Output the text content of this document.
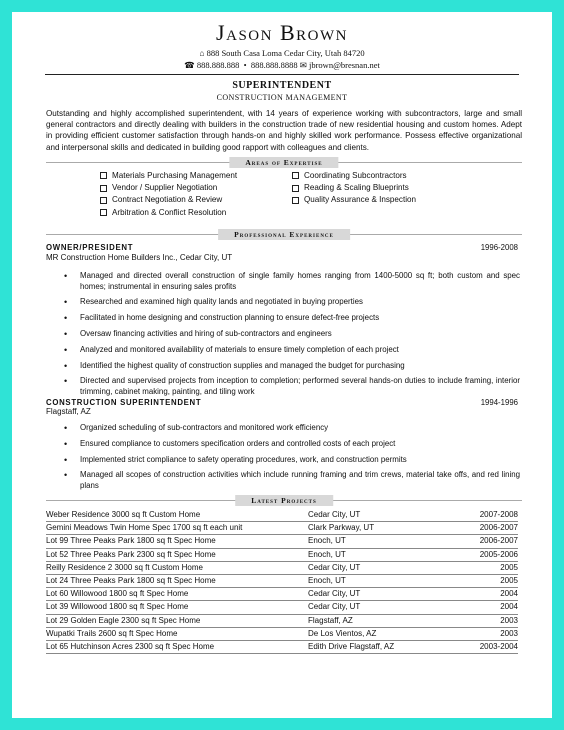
Jason Brown
⌂ 888 South Casa Loma Cedar City, Utah 84720
☎ 888.888.888  •  888.888.8888 ✉ jbrown@bresnan.net
SUPERINTENDENT
CONSTRUCTION MANAGEMENT
Outstanding and highly accomplished superintendent, with 14 years of experience working with subcontractors, large and small general contractors and directly dealing with builders in the construction trade of new residential housing and custom homes. Adept in providing efficient customer satisfaction through hands-on and highly skilled work performance. Possess effective organizational and interpersonal skills and dedicated in building good rapport with colleagues and clients.
Areas of Expertise
Materials Purchasing Management
Vendor / Supplier Negotiation
Contract Negotiation & Review
Arbitration & Conflict Resolution
Coordinating Subcontractors
Reading & Scaling Blueprints
Quality Assurance & Inspection
Professional Experience
OWNER/PRESIDENT	1996-2008
MR Construction Home Builders Inc., Cedar City, UT
• Managed and directed overall construction of single family homes ranging from 1400-5000 sq ft; both custom and spec homes; instrumental in ensuring sales profits
• Researched and examined high quality lands and negotiated in buying properties
• Facilitated in home designing and construction planning to ensure defect-free projects
• Oversaw financing activities and hiring of sub-contractors and engineers
• Analyzed and monitored availability of materials to ensure timely completion of each project
• Identified the highest quality of construction supplies and managed the budget for purchasing
• Directed and supervised projects from inception to completion; performed several hands-on duties to include framing, interior trimming, cabinet making, painting, and tiling work
CONSTRUCTION SUPERINTENDENT	1994-1996
Flagstaff, AZ
• Organized scheduling of sub-contractors and monitored work efficiency
• Ensured compliance to customers specification orders and controlled costs of each project
• Implemented strict compliance to safety operating procedures, work, and construction permits
• Managed all scopes of construction activities which include running framing and trim crews, material take offs, and red lining plans
Latest Projects
Weber Residence 3000 sq ft Custom Home	Cedar City, UT	2007-2008
Gemini Meadows Twin Home Spec 1700 sq ft each unit	Clark Parkway, UT	2006-2007
Lot 99 Three Peaks Park 1800 sq ft Spec Home	Enoch, UT	2006-2007
Lot 52 Three Peaks Park 2300 sq ft Spec Home	Enoch, UT	2005-2006
Reilly Residence 2 3000 sq ft Custom Home	Cedar City, UT	2005
Lot 24 Three Peaks Park 1800 sq ft Spec Home	Enoch, UT	2005
Lot 60 Willowood 1800 sq ft Spec Home	Cedar City, UT	2004
Lot 39 Willowood 1800 sq ft Spec Home	Cedar City, UT	2004
Lot 29 Golden Eagle 2300 sq ft Spec Home	Flagstaff, AZ	2003
Wupatki Trails 2600 sq ft Spec Home	De Los Vientos, AZ	2003
Lot 65 Hutchinson Acres 2300 sq ft Spec Home	Edith Drive Flagstaff, AZ	2003-2004
